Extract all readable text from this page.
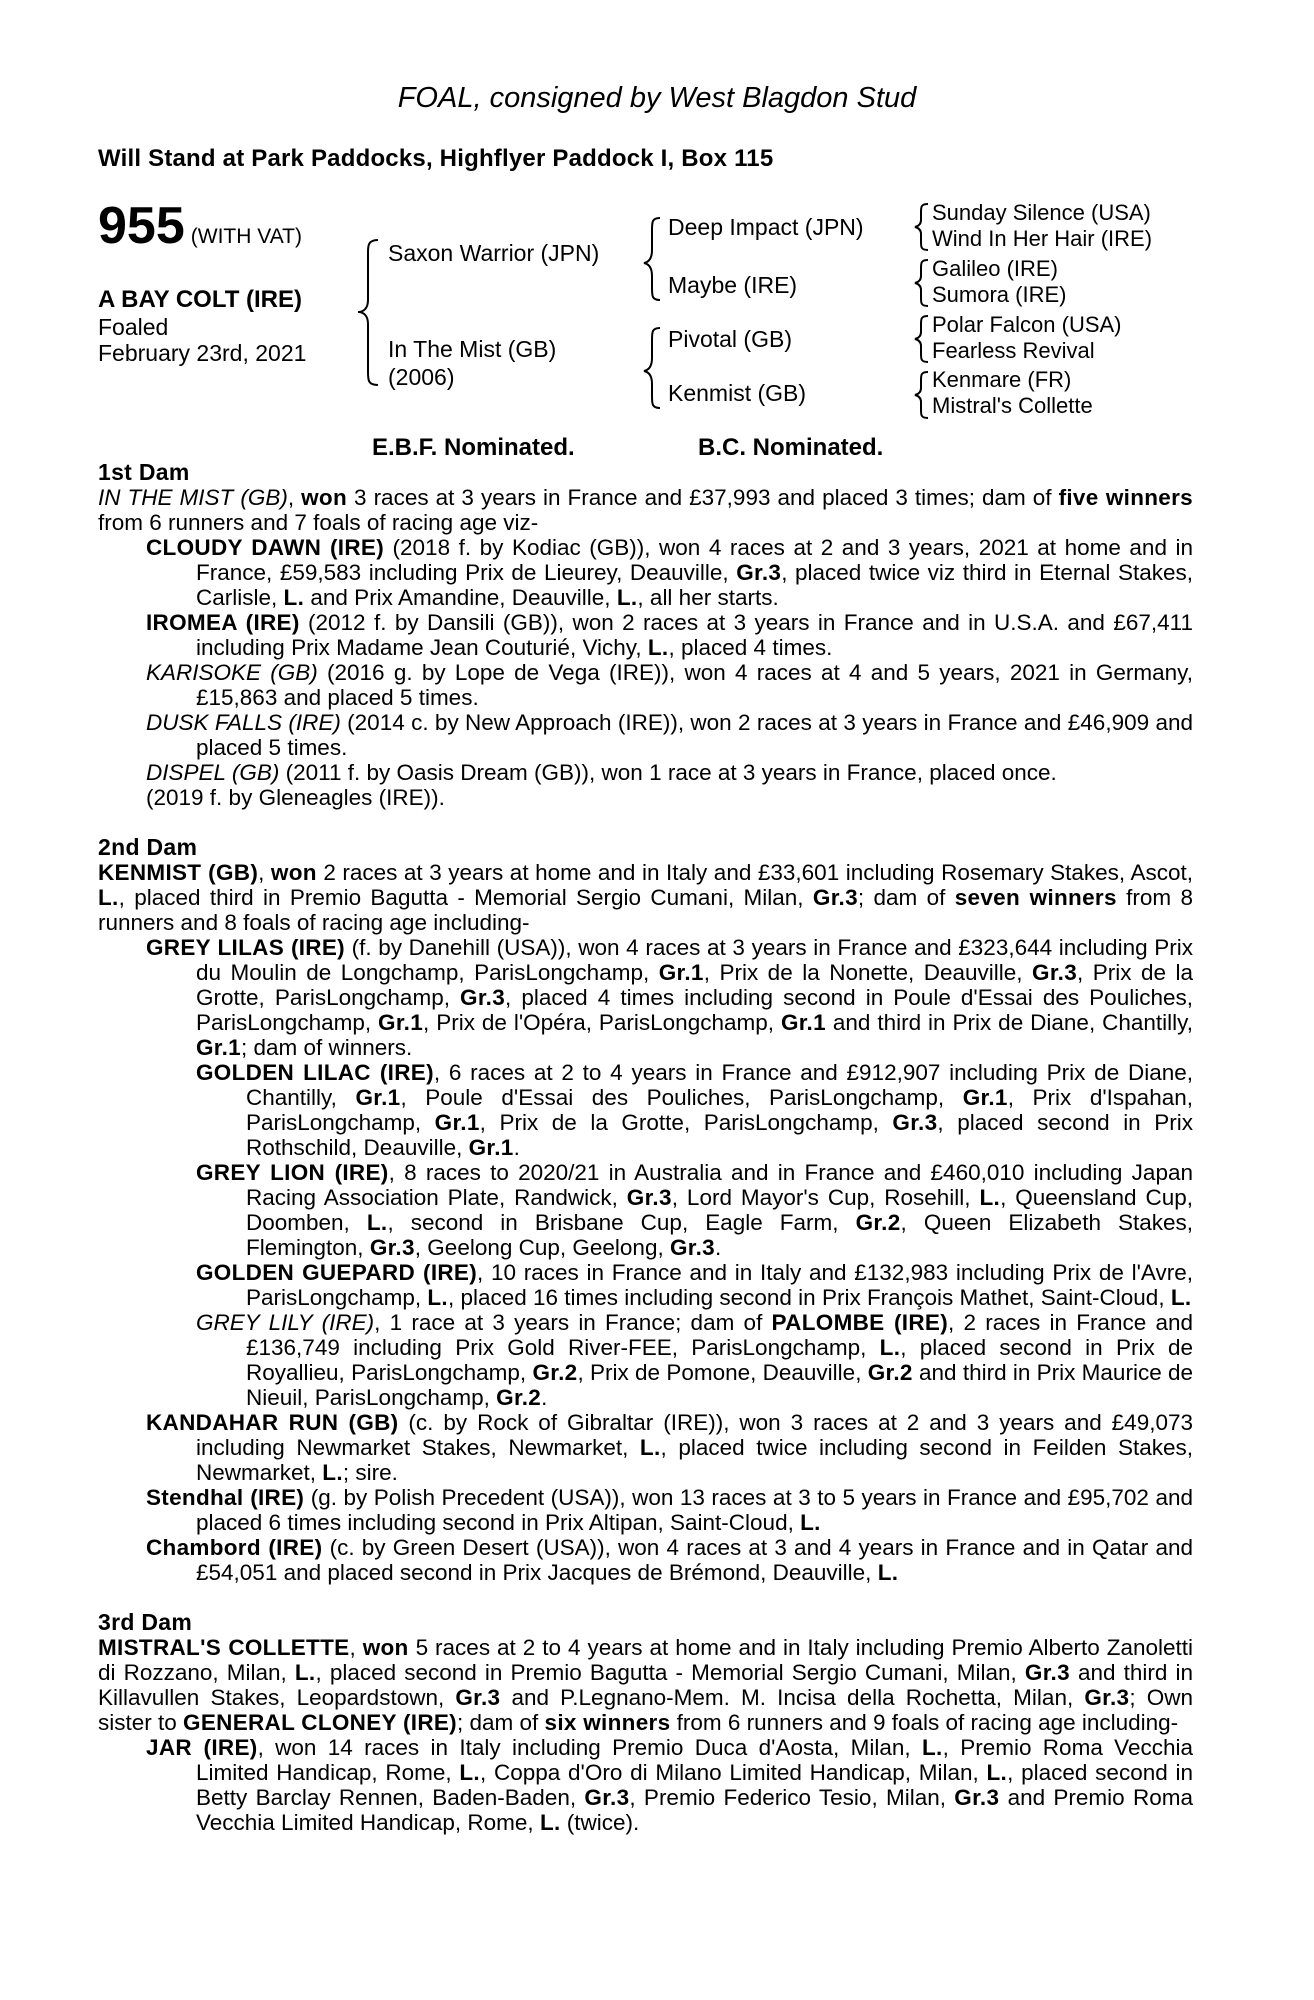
FOAL, consigned by West Blagdon Stud
Will Stand at Park Paddocks, Highflyer Paddock I, Box 115
955 (WITH VAT)
A BAY COLT (IRE)
Foaled
February 23rd, 2021
Saxon Warrior (JPN)
In The Mist (GB)
(2006)
Deep Impact (JPN)
Maybe (IRE)
Pivotal (GB)
Kenmist (GB)
Sunday Silence (USA)
Wind In Her Hair (IRE)
Galileo (IRE)
Sumora (IRE)
Polar Falcon (USA)
Fearless Revival
Kenmare (FR)
Mistral's Collette
E.B.F. Nominated.	B.C. Nominated.

1st Dam

IN THE MIST (GB), won 3 races at 3 years in France and £37,993 and placed 3 times; dam of five winners from 6 runners and 7 foals of racing age viz-

CLOUDY DAWN (IRE) (2018 f. by Kodiac (GB)), won 4 races at 2 and 3 years, 2021 at home and in France, £59,583 including Prix de Lieurey, Deauville, Gr.3, placed twice viz third in Eternal Stakes, Carlisle, L. and Prix Amandine, Deauville, L., all her starts.

IROMEA (IRE) (2012 f. by Dansili (GB)), won 2 races at 3 years in France and in U.S.A. and £67,411 including Prix Madame Jean Couturié, Vichy, L., placed 4 times.

KARISOKE (GB) (2016 g. by Lope de Vega (IRE)), won 4 races at 4 and 5 years, 2021 in Germany, £15,863 and placed 5 times.

DUSK FALLS (IRE) (2014 c. by New Approach (IRE)), won 2 races at 3 years in France and £46,909 and placed 5 times.

DISPEL (GB) (2011 f. by Oasis Dream (GB)), won 1 race at 3 years in France, placed once.

(2019 f. by Gleneagles (IRE)).

2nd Dam

KENMIST (GB), won 2 races at 3 years at home and in Italy and £33,601 including Rosemary Stakes, Ascot, L., placed third in Premio Bagutta - Memorial Sergio Cumani, Milan, Gr.3; dam of seven winners from 8 runners and 8 foals of racing age including-

GREY LILAS (IRE) (f. by Danehill (USA)), won 4 races at 3 years in France and £323,644 including Prix du Moulin de Longchamp, ParisLongchamp, Gr.1, Prix de la Nonette, Deauville, Gr.3, Prix de la Grotte, ParisLongchamp, Gr.3, placed 4 times including second in Poule d'Essai des Pouliches, ParisLongchamp, Gr.1, Prix de l'Opéra, ParisLongchamp, Gr.1 and third in Prix de Diane, Chantilly, Gr.1; dam of winners.

GOLDEN LILAC (IRE), 6 races at 2 to 4 years in France and £912,907 including Prix de Diane, Chantilly, Gr.1, Poule d'Essai des Pouliches, ParisLongchamp, Gr.1, Prix d'Ispahan, ParisLongchamp, Gr.1, Prix de la Grotte, ParisLongchamp, Gr.3, placed second in Prix Rothschild, Deauville, Gr.1.

GREY LION (IRE), 8 races to 2020/21 in Australia and in France and £460,010 including Japan Racing Association Plate, Randwick, Gr.3, Lord Mayor's Cup, Rosehill, L., Queensland Cup, Doomben, L., second in Brisbane Cup, Eagle Farm, Gr.2, Queen Elizabeth Stakes, Flemington, Gr.3, Geelong Cup, Geelong, Gr.3.

GOLDEN GUEPARD (IRE), 10 races in France and in Italy and £132,983 including Prix de l'Avre, ParisLongchamp, L., placed 16 times including second in Prix François Mathet, Saint-Cloud, L.

GREY LILY (IRE), 1 race at 3 years in France; dam of PALOMBE (IRE), 2 races in France and £136,749 including Prix Gold River-FEE, ParisLongchamp, L., placed second in Prix de Royallieu, ParisLongchamp, Gr.2, Prix de Pomone, Deauville, Gr.2 and third in Prix Maurice de Nieuil, ParisLongchamp, Gr.2.

KANDAHAR RUN (GB) (c. by Rock of Gibraltar (IRE)), won 3 races at 2 and 3 years and £49,073 including Newmarket Stakes, Newmarket, L., placed twice including second in Feilden Stakes, Newmarket, L.; sire.

Stendhal (IRE) (g. by Polish Precedent (USA)), won 13 races at 3 to 5 years in France and £95,702 and placed 6 times including second in Prix Altipan, Saint-Cloud, L.

Chambord (IRE) (c. by Green Desert (USA)), won 4 races at 3 and 4 years in France and in Qatar and £54,051 and placed second in Prix Jacques de Brémond, Deauville, L.

3rd Dam

MISTRAL'S COLLETTE, won 5 races at 2 to 4 years at home and in Italy including Premio Alberto Zanoletti di Rozzano, Milan, L., placed second in Premio Bagutta - Memorial Sergio Cumani, Milan, Gr.3 and third in Killavullen Stakes, Leopardstown, Gr.3 and P.Legnano-Mem. M. Incisa della Rochetta, Milan, Gr.3; Own sister to GENERAL CLONEY (IRE); dam of six winners from 6 runners and 9 foals of racing age including-

JAR (IRE), won 14 races in Italy including Premio Duca d'Aosta, Milan, L., Premio Roma Vecchia Limited Handicap, Rome, L., Coppa d'Oro di Milano Limited Handicap, Milan, L., placed second in Betty Barclay Rennen, Baden-Baden, Gr.3, Premio Federico Tesio, Milan, Gr.3 and Premio Roma Vecchia Limited Handicap, Rome, L. (twice).
